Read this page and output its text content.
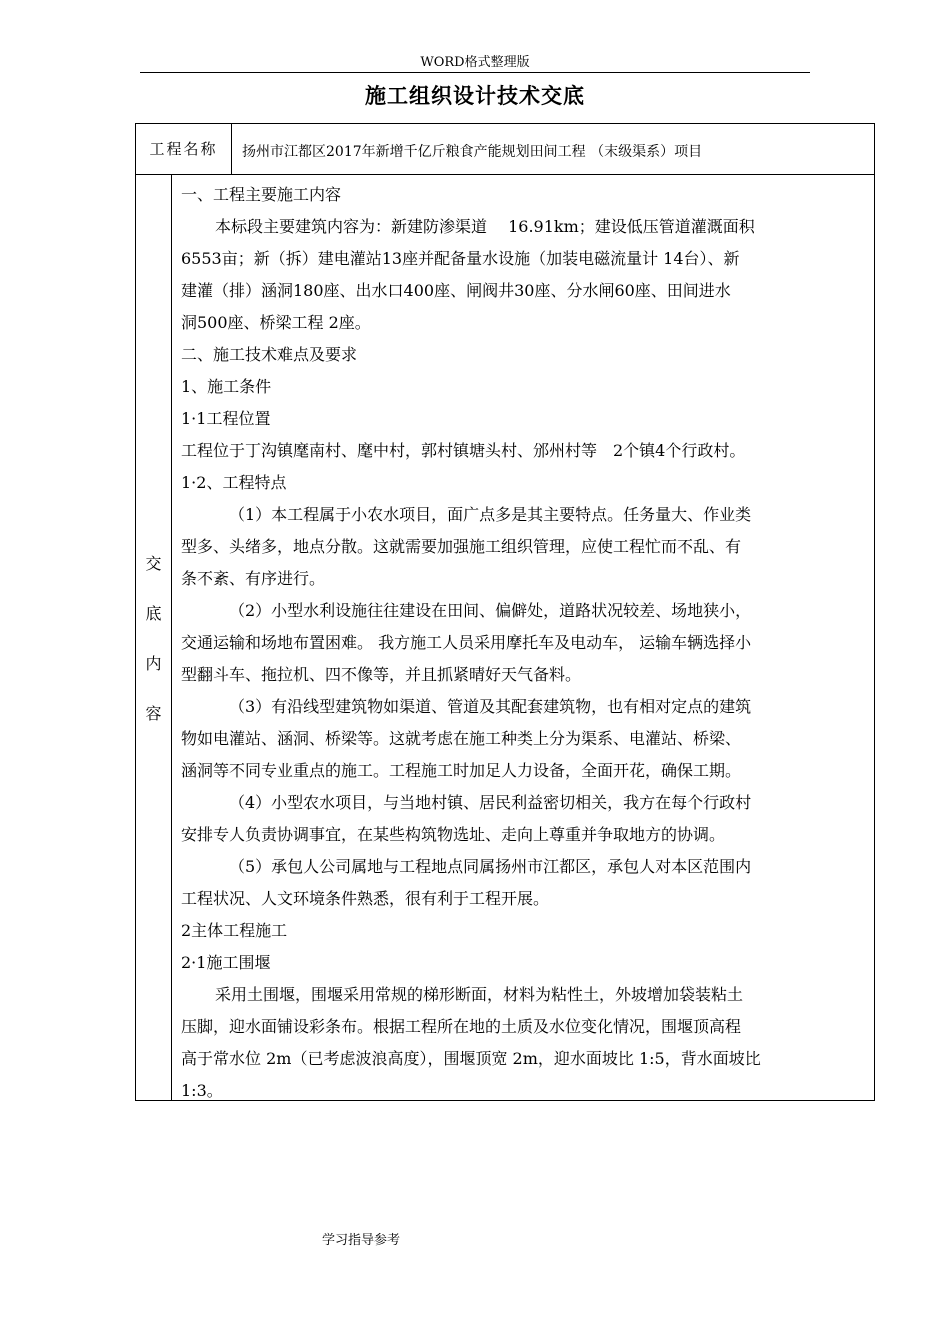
WORD格式整理版
施工组织设计技术交底
工程名称	扬州市江都区2017年新增千亿斤粮食产能规划田间工程 （末级渠系）项目
交
底
内
容
一、工程主要施工内容
本标段主要建筑内容为：新建防渗渠道　 16.91km；建设低压管道灌溉面积
6553亩；新（拆）建电灌站13座并配备量水设施（加装电磁流量计 14台）、新
建灌（排）涵洞180座、出水口400座、闸阀井30座、分水闸60座、田间进水
洞500座、桥梁工程 2座。
二、施工技术难点及要求
1、施工条件
1·1工程位置
工程位于丁沟镇麾南村、麾中村，郭村镇塘头村、邠州村等　2个镇4个行政村。
1·2、工程特点
（1）本工程属于小农水项目，面广点多是其主要特点。任务量大、作业类
型多、头绪多，地点分散。这就需要加强施工组织管理，应使工程忙而不乱、有
条不紊、有序进行。
（2）小型水利设施往往建设在田间、偏僻处，道路状况较差、场地狭小，
交通运输和场地布置困难。 我方施工人员采用摩托车及电动车， 运输车辆选择小
型翻斗车、拖拉机、四不像等，并且抓紧晴好天气备料。
（3）有沿线型建筑物如渠道、管道及其配套建筑物，也有相对定点的建筑
物如电灌站、涵洞、桥梁等。这就考虑在施工种类上分为渠系、电灌站、桥梁、
涵洞等不同专业重点的施工。工程施工时加足人力设备，全面开花，确保工期。
（4）小型农水项目，与当地村镇、居民利益密切相关，我方在每个行政村
安排专人负责协调事宜，在某些构筑物选址、走向上尊重并争取地方的协调。
（5）承包人公司属地与工程地点同属扬州市江都区，承包人对本区范围内
工程状况、人文环境条件熟悉，很有利于工程开展。
2主体工程施工
2·1施工围堰
采用土围堰，围堰采用常规的梯形断面，材料为粘性土，外坡增加袋装粘土
压脚，迎水面铺设彩条布。根据工程所在地的土质及水位变化情况，围堰顶高程
高于常水位 2m（已考虑波浪高度），围堰顶宽 2m，迎水面坡比 1:5，背水面坡比
1:3。
学习指导参考
